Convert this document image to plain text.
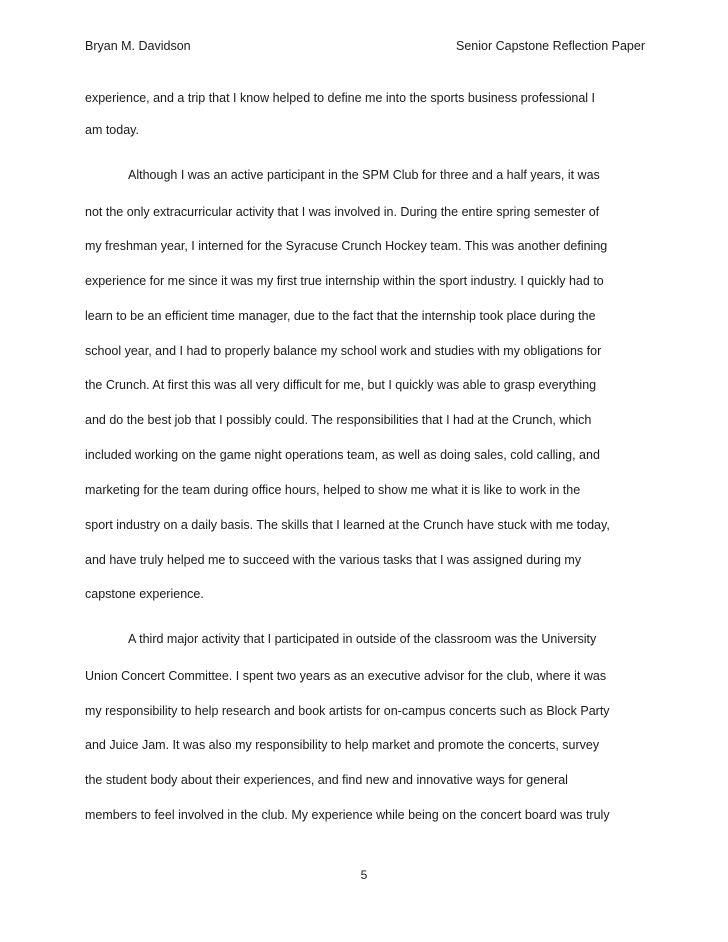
Bryan M. Davidson	Senior Capstone Reflection Paper
experience, and a trip that I know helped to define me into the sports business professional I
am today.
Although I was an active participant in the SPM Club for three and a half years, it was
not the only extracurricular activity that I was involved in. During the entire spring semester of
my freshman year, I interned for the Syracuse Crunch Hockey team. This was another defining
experience for me since it was my first true internship within the sport industry. I quickly had to
learn to be an efficient time manager, due to the fact that the internship took place during the
school year, and I had to properly balance my school work and studies with my obligations for
the Crunch. At first this was all very difficult for me, but I quickly was able to grasp everything
and do the best job that I possibly could. The responsibilities that I had at the Crunch, which
included working on the game night operations team, as well as doing sales, cold calling, and
marketing for the team during office hours, helped to show me what it is like to work in the
sport industry on a daily basis. The skills that I learned at the Crunch have stuck with me today,
and have truly helped me to succeed with the various tasks that I was assigned during my
capstone experience.
A third major activity that I participated in outside of the classroom was the University
Union Concert Committee. I spent two years as an executive advisor for the club, where it was
my responsibility to help research and book artists for on-campus concerts such as Block Party
and Juice Jam. It was also my responsibility to help market and promote the concerts, survey
the student body about their experiences, and find new and innovative ways for general
members to feel involved in the club. My experience while being on the concert board was truly
5
